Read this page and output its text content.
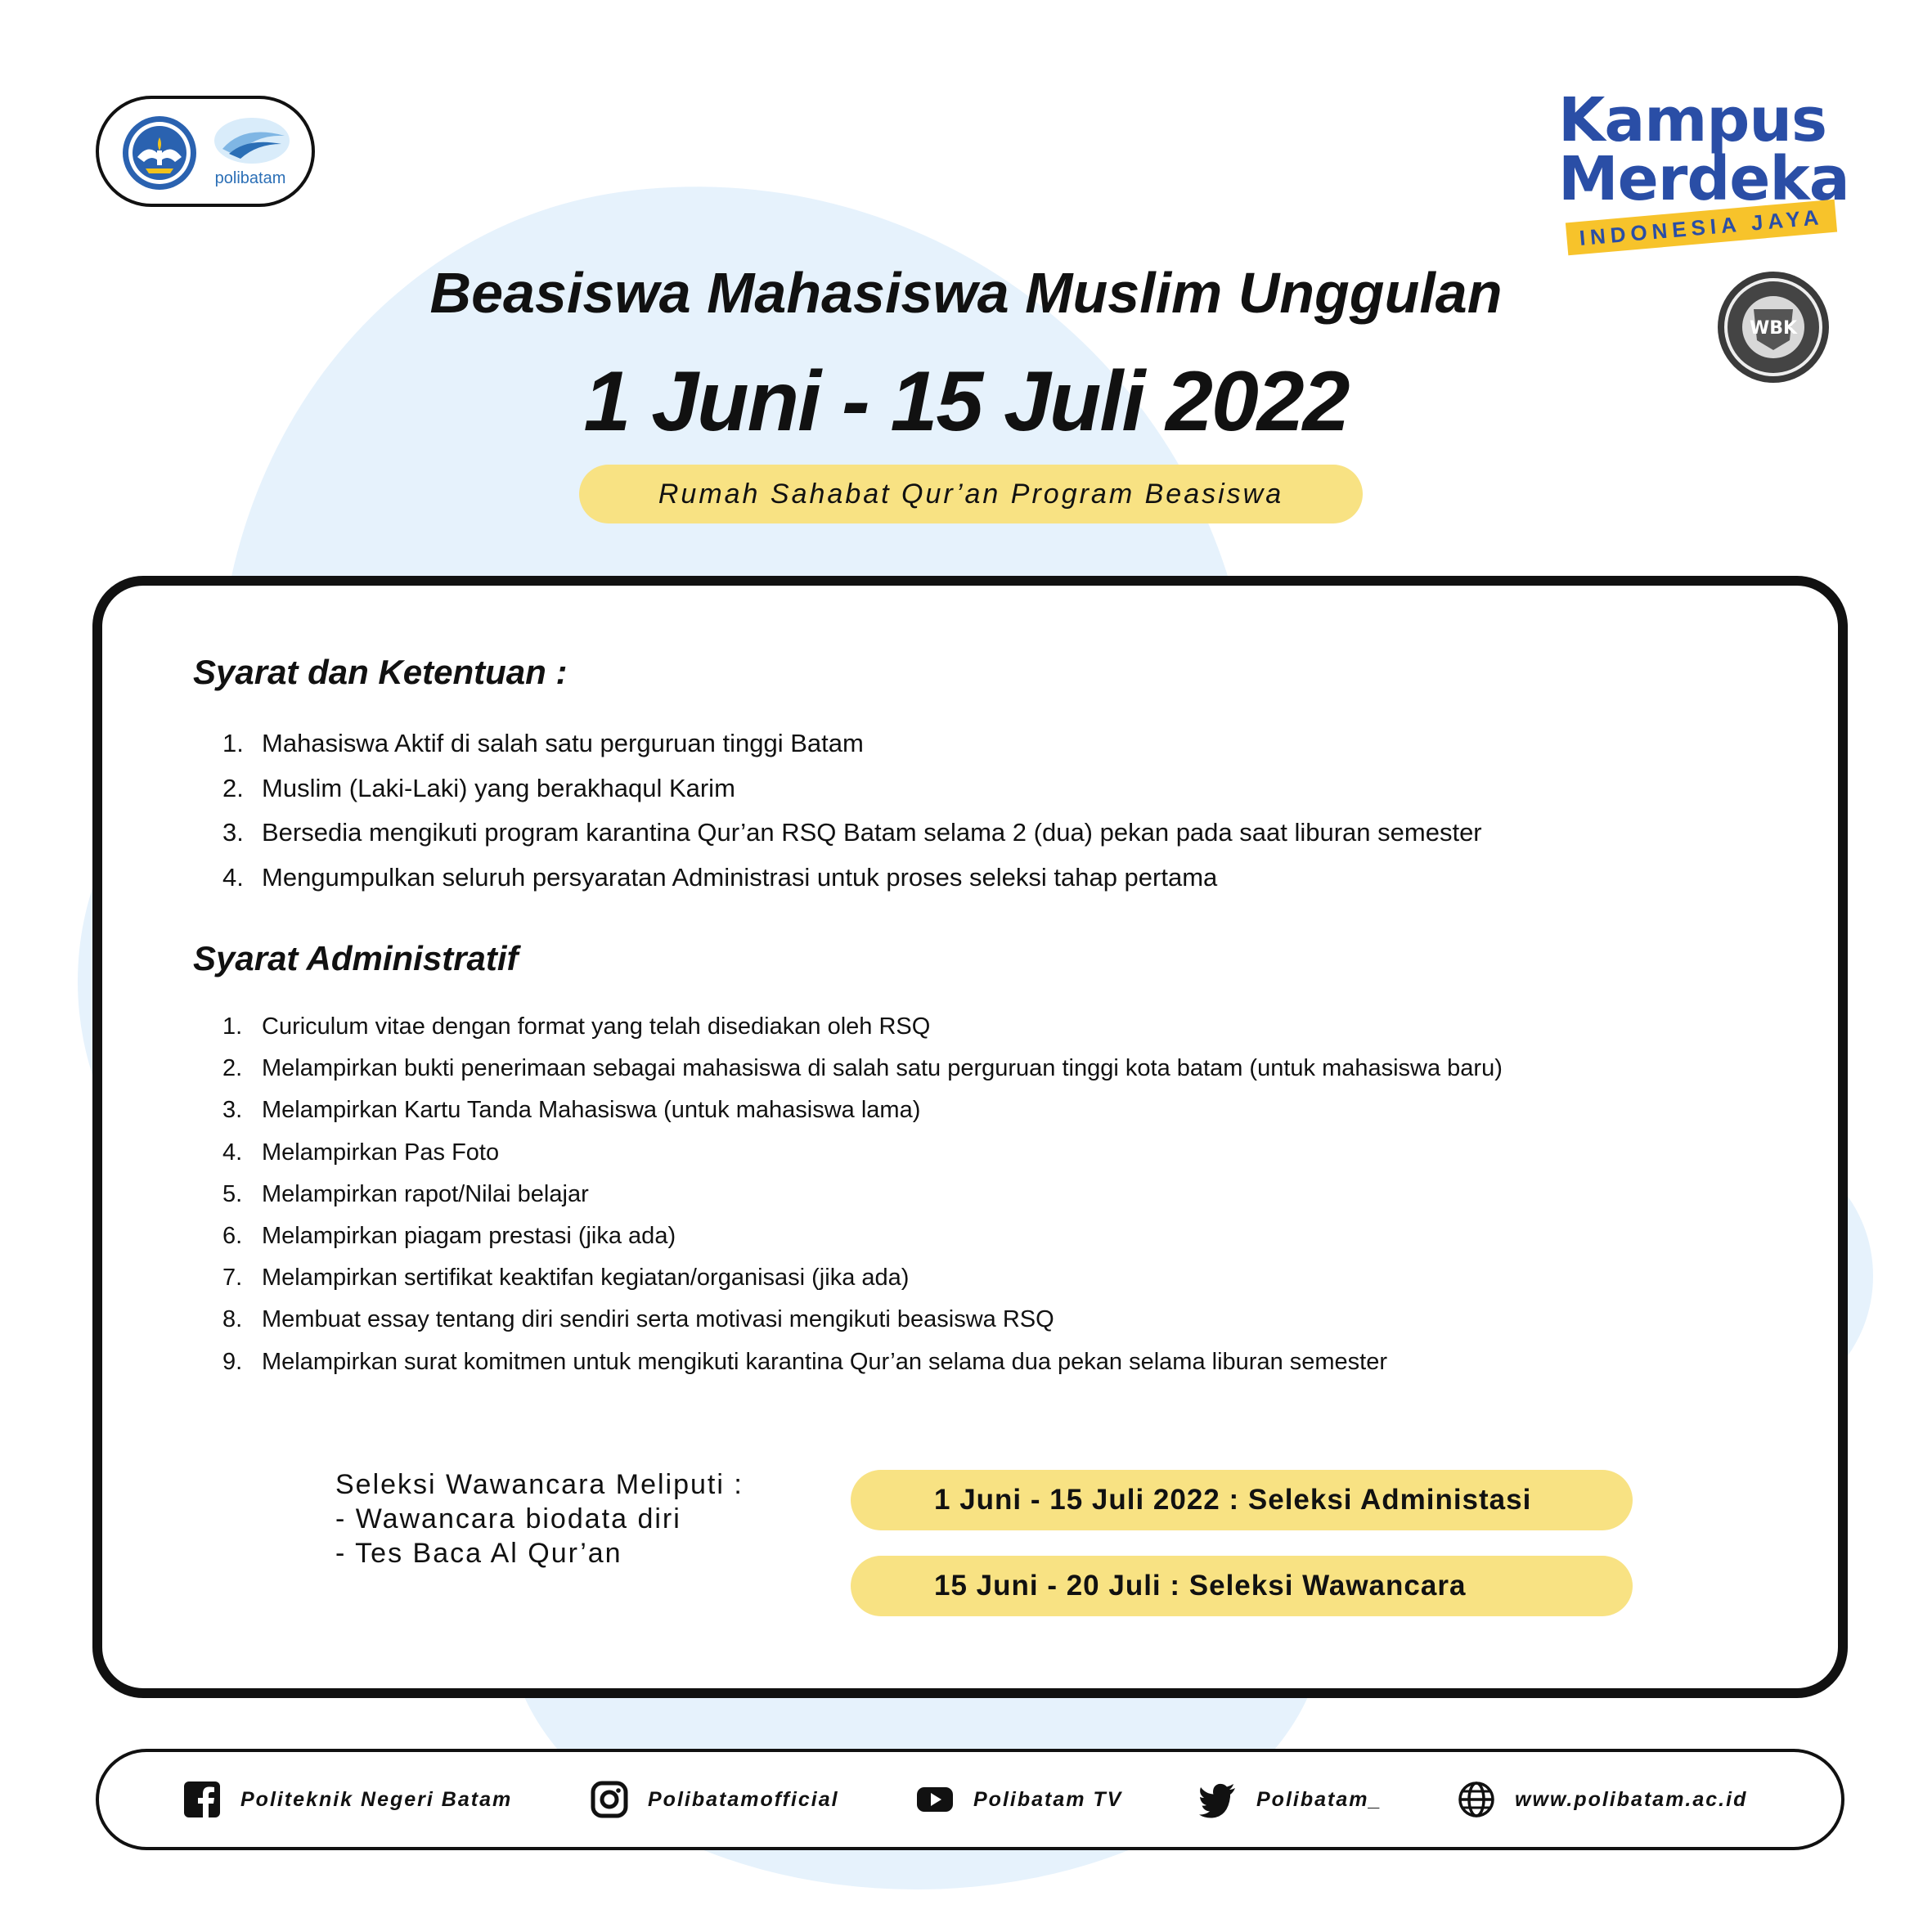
polibatam
Kampus
Merdeka
INDONESIA JAYA
WBK
Beasiswa Mahasiswa Muslim Unggulan
1 Juni - 15 Juli 2022
Rumah Sahabat Qur’an Program Beasiswa
Syarat dan Ketentuan :
1. Mahasiswa Aktif di salah satu perguruan tinggi Batam
2. Muslim (Laki-Laki) yang berakhaqul Karim
3. Bersedia mengikuti program karantina Qur’an RSQ Batam selama 2 (dua) pekan pada saat liburan semester
4. Mengumpulkan seluruh persyaratan Administrasi untuk proses seleksi tahap pertama
Syarat Administratif
1. Curiculum vitae dengan format yang telah disediakan oleh RSQ
2. Melampirkan bukti penerimaan sebagai mahasiswa di salah satu perguruan tinggi kota batam (untuk mahasiswa baru)
3. Melampirkan Kartu Tanda Mahasiswa (untuk mahasiswa lama)
4. Melampirkan Pas Foto
5. Melampirkan rapot/Nilai belajar
6. Melampirkan piagam prestasi (jika ada)
7. Melampirkan sertifikat keaktifan kegiatan/organisasi (jika ada)
8. Membuat essay tentang diri sendiri serta motivasi mengikuti beasiswa RSQ
9. Melampirkan surat komitmen untuk mengikuti karantina Qur’an selama dua pekan selama liburan semester
Seleksi Wawancara Meliputi :
- Wawancara biodata diri
- Tes Baca Al Qur’an
1 Juni - 15 Juli 2022 : Seleksi Administasi
15 Juni - 20 Juli : Seleksi Wawancara
Politeknik Negeri Batam	Polibatamofficial	Polibatam TV	Polibatam_	www.polibatam.ac.id
